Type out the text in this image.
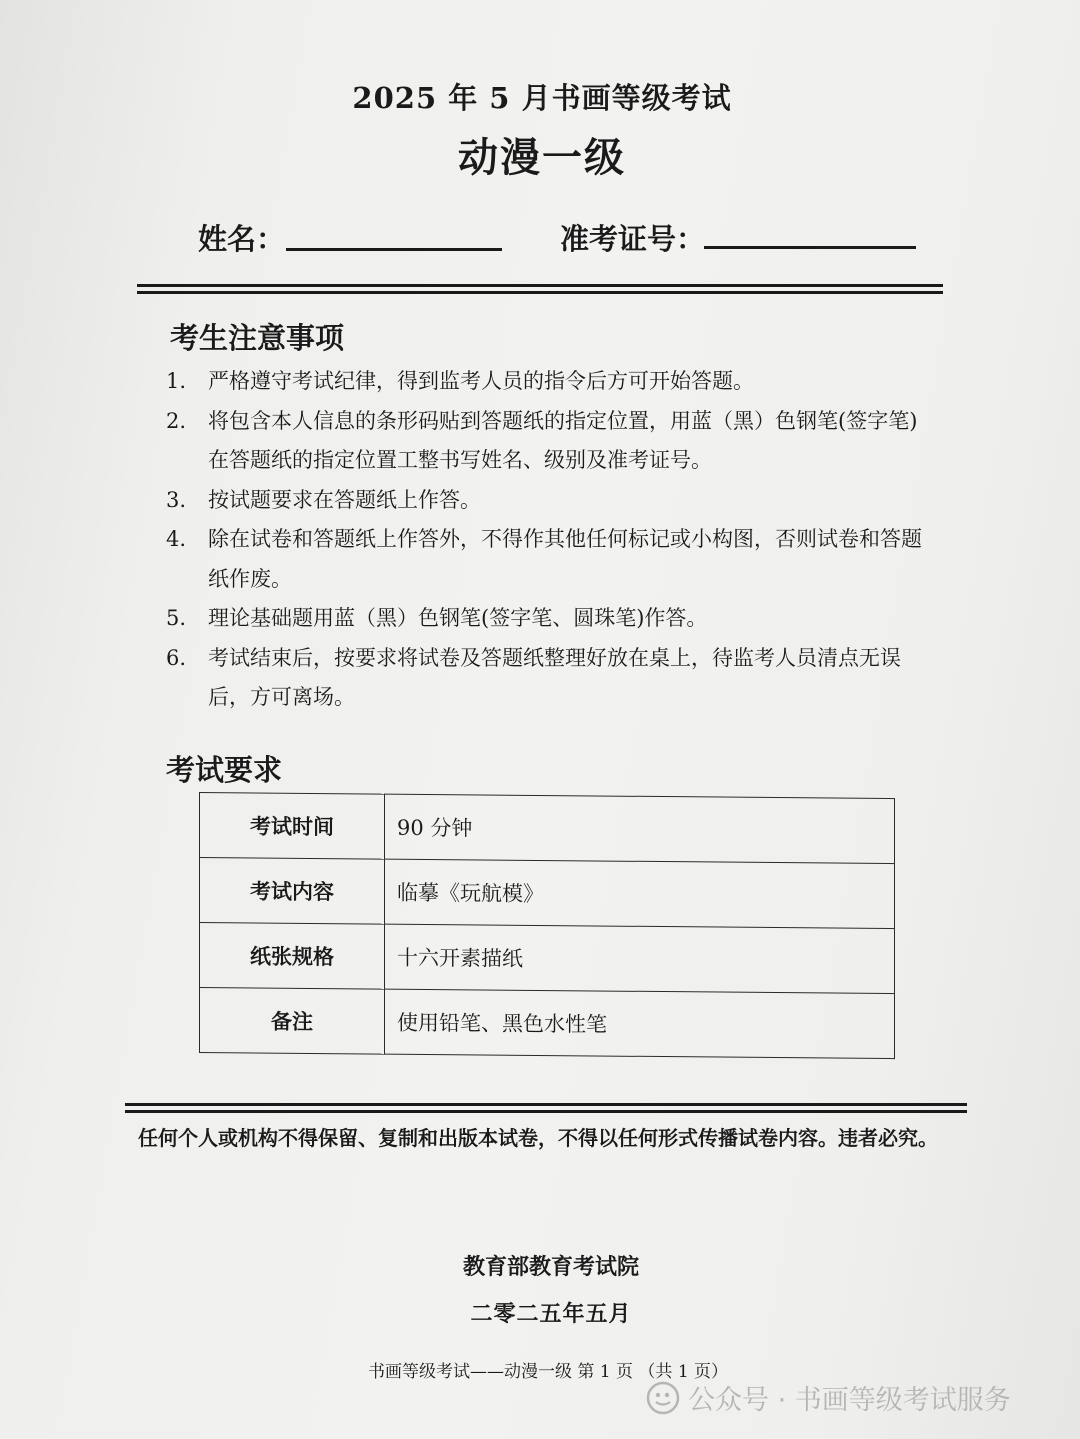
2025 年 5 月书画等级考试
动漫一级
姓名：	准考证号：
考生注意事项
1. 严格遵守考试纪律，得到监考人员的指令后方可开始答题。
2. 将包含本人信息的条形码贴到答题纸的指定位置，用蓝（黑）色钢笔(签字笔)在答题纸的指定位置工整书写姓名、级别及准考证号。
3. 按试题要求在答题纸上作答。
4. 除在试卷和答题纸上作答外，不得作其他任何标记或小构图，否则试卷和答题纸作废。
5. 理论基础题用蓝（黑）色钢笔(签字笔、圆珠笔)作答。
6. 考试结束后，按要求将试卷及答题纸整理好放在桌上，待监考人员清点无误后，方可离场。
考试要求
考试时间	90 分钟
考试内容	临摹《玩航模》
纸张规格	十六开素描纸
备注	使用铅笔、黑色水性笔
任何个人或机构不得保留、复制和出版本试卷，不得以任何形式传播试卷内容。违者必究。
教育部教育考试院
二零二五年五月
书画等级考试——动漫一级 第 1 页 （共 1 页）
公众号 · 书画等级考试服务
